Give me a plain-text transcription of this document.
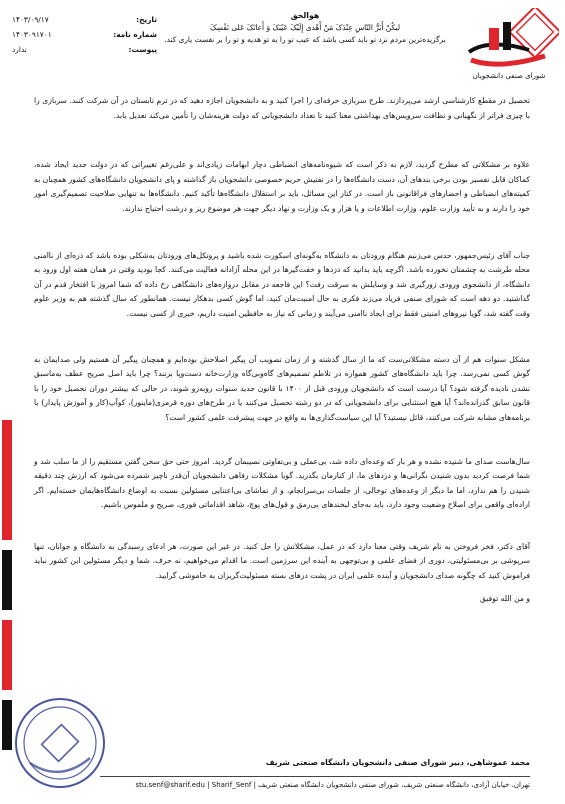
تاریخ:
۱۴۰۳/۰۹/۱۷
شماره نامه:
۱۴۰۳۰۹۱۷۰۱
پیوست:
ندارد
هوالحق
لیکُنْ أَبَرُّ النّاسِ عِنْدَکَ مَنْ أَهْدى إِلَیْکَ عَیْبَکَ وَ أَعانَکَ عَلى نَفْسِکَ
برگزیده‌ترین مردم نزد تو باید کسی باشد که عیب تو را به تو هدیه و تو را بر نفست یاری کند.
شورای صنفی دانشجویان

تحصیل در مقطع کارشناسی ارشد می‌پردازند. طرح سربازی حرفه‌ای را اجرا کنید و به دانشجویان اجازه دهید که در ترم تابستان در آن شرکت کنند. سربازی را با چیزی فراتر از نگهبانی و نظافت سرویس‌های بهداشتی معنا کنید تا تعداد دانشجویانی که دولت هزینه‌شان را تأمین می‌کند تعدیل یابد.

علاوه بر مشکلاتی که مطرح گردید، لازم به ذکر است که شیوه‌نامه‌های انضباطی دچار ابهامات زیادی‌اند و علی‌رغم تغییراتی که در دولت جدید ایجاد شده، کماکان قابل تفسیر بودن برخی بندهای آن، دست دانشگاه‌ها را در تفتیش حریم خصوصی دانشجویان باز گذاشته و پای دانشجویان دانشگاه‌های کشور همچنان به کمیته‌های انضباطی و احضارهای فراقانونی باز است. در کنار این مسائل، باید بر استقلال دانشگاه‌ها تأکید کنیم. دانشگاه‌ها به تنهایی صلاحیت تصمیم‌گیری امور خود را دارند و به تأیید وزارت علوم، وزارت اطلاعات و یا هزار و یک وزارت و نهاد دیگر جهت هر موضوع ریز و درشت احتیاج ندارند.

جناب آقای رئیس‌جمهور، حدس می‌زنیم هنگام ورودتان به دانشگاه به‌گونه‌ای اسکورت شده باشید و پروتکل‌های ورودتان به‌شکلی بوده باشد که ذره‌ای از ناامنی محله طرشت به چشمتان نخورده باشد. اگرچه باید بدانید که دزدها و خفت‌گیرها در این محله آزادانه فعالیت می‌کنند. کجا بودید وقتی در همان هفته اول ورود به دانشگاه، از دانشجوی ورودی زورگیری شد و وسایلش به سرقت رفت؟ این فاجعه در مقابل دروازه‌های دانشگاهی رخ داده که شما امروز با افتخار قدم در آن گذاشتید. دو دهه است که شورای صنفی فریاد می‌زند فکری به حال امنیت‌مان کنید، اما گوش کسی بدهکار نیست. همانطور که سال گذشته هم به وزیر علوم وقت گفته شد، گویا نیروهای امنیتی فقط برای ایجاد ناامنی می‌آیند و زمانی که نیاز به حافظین امنیت داریم، خبری از کسی نیست.

مشکل سنوات هم از آن دسته مشکلاتی‌ست که ما از سال گذشته و از زمان تصویب آن پیگیر اصلاحش بوده‌ایم و همچنان پیگیر آن هستیم ولی صدایمان به گوش کسی نمی‌رسد. چرا باید دانشگاه‌های کشور همواره در تلاطم تصمیم‌های گاه‌وبی‌گاه وزارت‌خانه دست‌وپا بزنند؟ چرا باید اصل صریح عطف به‌ماسبق نشدن نادیده گرفته شود؟ آیا درست است که دانشجویان ورودی قبل از ۱۴۰۰ با قانون جدید سنوات روبه‌رو شوند، در حالی که بیشتر دوران تحصیل خود را با قانون سابق گذرانده‌اند؟ آیا هیچ استثنایی برای دانشجویانی که در دو رشته تحصیل می‌کنند یا در طرح‌های دوره قرمزی(ماینور)، کوآپ(کار و آموزش پایدار) یا برنامه‌های مشابه شرکت می‌کنند، قائل نیستید؟ آیا این سیاست‌گذاری‌ها به واقع در جهت پیشرفت علمی کشور است؟

سال‌هاست صدای ما شنیده نشده و هر بار که وعده‌ای داده شد، بی‌عملی و بی‌تفاوتی نصیبمان گردید. امروز حتی حق سخن گفتن مستقیم را از ما سلب شد و شما فرصت کردید بدون شنیدن نگرانی‌ها و دردهای ما، از کنارمان بگذرید. گویا مشکلات رفاهی دانشجویان آن‌قدر ناچیز شمرده می‌شود که ارزش چند دقیقه شنیدن را هم ندارد، اما ما دیگر از وعده‌های توخالی، از جلسات بی‌سرانجام، و از تماشای بی‌اعتنایی مسئولین نسبت به اوضاع دانشگاه‌هایمان خسته‌ایم. اگر اراده‌ای واقعی برای اصلاح وضعیت وجود دارد، باید به‌جای لبخندهای بی‌رمق و قول‌های پوچ، شاهد اقداماتی فوری، صریح و ملموس باشیم.

آقای دکتر، فخر فروختن به نام شریف وقتی معنا دارد که در عمل، مشکلاتش را حل کنید. در غیر این صورت، هر ادعای رسیدگی به دانشگاه و جوانان، تنها سرپوشی بر بی‌مسئولیتی، دوری از فضای علمی و بی‌توجهی به آینده این سرزمین است. ما اقدام می‌خواهیم، نه حرف. شما و دیگر مسئولین این کشور نباید فراموش کنید که چگونه صدای دانشجویان و آینده علمی ایران در پشت درهای بسته مسئولیت‌گریزان به خاموشی گرایید.

و من الله توفیق

محمد عموشاهی، دبیر شورای صنفی دانشجویان دانشگاه صنعتی شریف
تهران، خیابان آزادی، دانشگاه صنعتی شریف، شورای صنفی دانشجویان دانشگاه صنعتی شریف | stu.senf@sharif.edu | Sharif_Senf
